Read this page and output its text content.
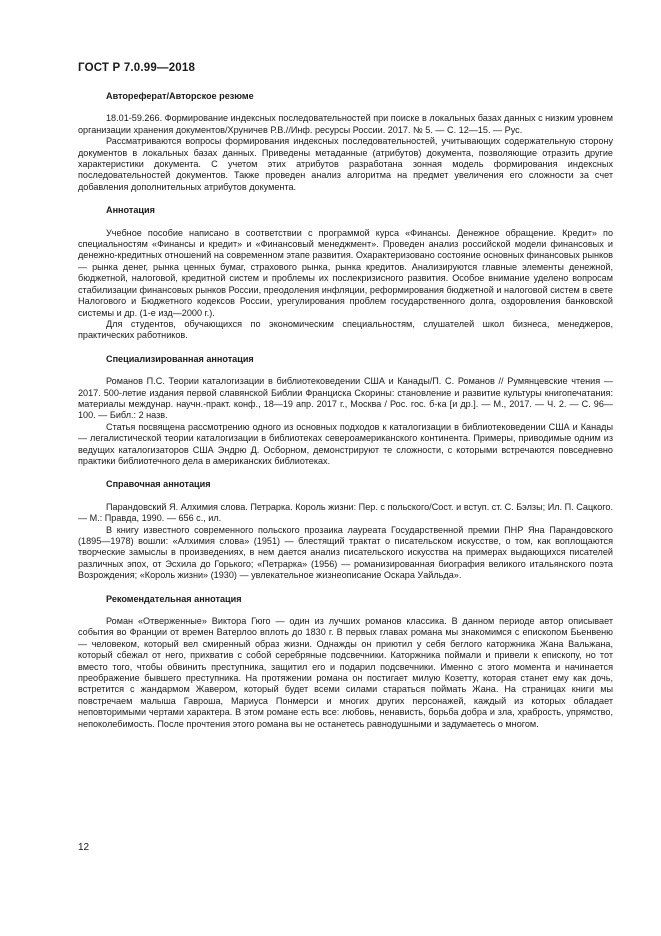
ГОСТ Р 7.0.99—2018

Автореферат/Авторское резюме

18.01-59.266. Формирование индексных последовательностей при поиске в локальных базах данных с низким уровнем организации хранения документов/Хруничев Р.В.//Инф. ресурсы России. 2017. № 5. — С. 12—15. — Рус.

Рассматриваются вопросы формирования индексных последовательностей, учитывающих содержательную сторону документов в локальных базах данных. Приведены метаданные (атрибутов) документа, позволяющие отразить другие характеристики документа. С учетом этих атрибутов разработана зонная модель формирования индексных последовательностей документов. Также проведен анализ алгоритма на предмет увеличения его сложности за счет добавления дополнительных атрибутов документа.

Аннотация

Учебное пособие написано в соответствии с программой курса «Финансы. Денежное обращение. Кредит» по специальностям «Финансы и кредит» и «Финансовый менеджмент». Проведен анализ российской модели финансовых и денежно-кредитных отношений на современном этапе развития. Охарактеризовано состояние основных финансовых рынков — рынка денег, рынка ценных бумаг, страхового рынка, рынка кредитов. Анализируются главные элементы денежной, бюджетной, налоговой, кредитной систем и проблемы их послекризисного развития. Особое внимание уделено вопросам стабилизации финансовых рынков России, преодоления инфляции, реформирования бюджетной и налоговой систем в свете Налогового и Бюджетного кодексов России, урегулирования проблем государственного долга, оздоровления банковской системы и др. (1-е изд—2000 г.).

Для студентов, обучающихся по экономическим специальностям, слушателей школ бизнеса, менеджеров, практических работников.

Специализированная аннотация

Романов П.С. Теории каталогизации в библиотековедении США и Канады/П. С. Романов // Румянцевские чтения — 2017. 500-летие издания первой славянской Библии Франциска Скорины: становление и развитие культуры книгопечатания: материалы междунар. научн.-практ. конф., 18—19 апр. 2017 г., Москва / Рос. гос. б-ка [и др.]. — М., 2017. — Ч. 2. — С. 96—100. — Библ.: 2 назв.

Статья посвящена рассмотрению одного из основных подходов к каталогизации в библиотековедении США и Канады — легалистической теории каталогизации в библиотеках североамериканского континента. Примеры, приводимые одним из ведущих каталогизаторов США Эндрю Д. Осборном, демонстрируют те сложности, с которыми встречаются повседневно практики библиотечного дела в американских библиотеках.

Справочная аннотация

Парандовский Я. Алхимия слова. Петрарка. Король жизни: Пер. с польского/Сост. и вступ. ст. С. Бэлзы; Ил. П. Сацкого. — М.: Правда, 1990. — 656 с., ил.

В книгу известного современного польского прозаика лауреата Государственной премии ПНР Яна Парандовского (1895—1978) вошли: «Алхимия слова» (1951) — блестящий трактат о писательском искусстве, о том, как воплощаются творческие замыслы в произведениях, в нем дается анализ писательского искусства на примерах выдающихся писателей различных эпох, от Эсхила до Горького; «Петрарка» (1956) — романизированная биография великого итальянского поэта Возрождения; «Король жизни» (1930) — увлекательное жизнеописание Оскара Уайльда».

Рекомендательная аннотация

Роман «Отверженные» Виктора Гюго — один из лучших романов классика. В данном периоде автор описывает события во Франции от времен Ватерлоо вплоть до 1830 г. В первых главах романа мы знакомимся с епископом Бьенвеню — человеком, который вел смиренный образ жизни. Однажды он приютил у себя беглого каторжника Жана Вальжана, который сбежал от него, прихватив с собой серебряные подсвечники. Каторжника поймали и привели к епископу, но тот вместо того, чтобы обвинить преступника, защитил его и подарил подсвечники. Именно с этого момента и начинается преображение бывшего преступника. На протяжении романа он постигает милую Козетту, которая станет ему как дочь, встретится с жандармом Жавером, который будет всеми силами стараться поймать Жана. На страницах книги мы повстречаем малыша Гавроша, Мариуса Понмерси и многих других персонажей, каждый из которых обладает неповторимыми чертами характера. В этом романе есть все: любовь, ненависть, борьба добра и зла, храбрость, упрямство, непоколебимость. После прочтения этого романа вы не останетесь равнодушными и задумаетесь о многом.

12
